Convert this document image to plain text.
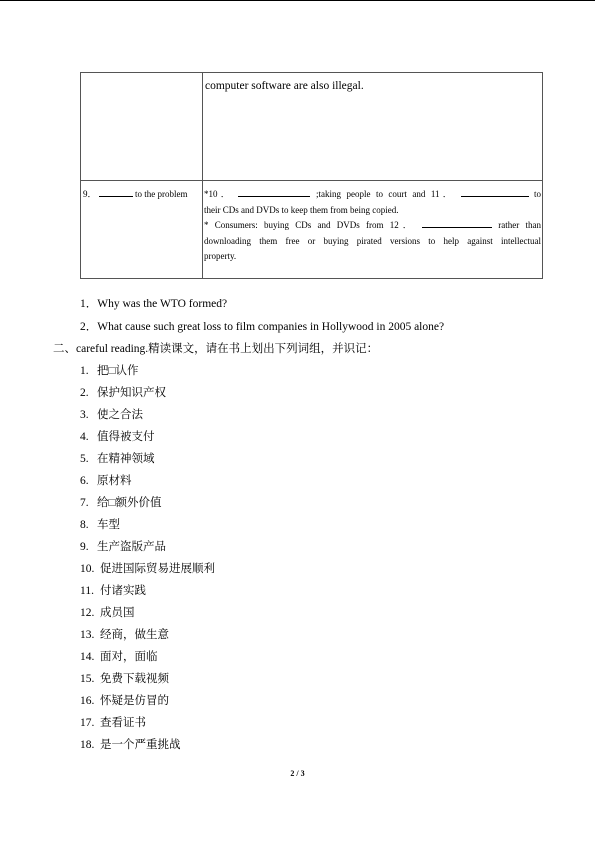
	computer software are also illegal.
9． to the problem	*10． ;taking people to court and 11． to

their CDs and DVDs to keep them from being copied.

* Consumers: buying CDs and DVDs from 12． rather than

downloading them free or buying pirated versions to help against intellectual

property.

1．Why was the WTO formed?
2．What cause such great loss to film companies in Hollywood in 2005 alone?
二、careful reading.精读课文，请在书上划出下列词组，并识记：
1. 把□认作
2. 保护知识产权
3. 使之合法
4. 值得被支付
5. 在精神领域
6. 原材料
7. 给□额外价值
8. 车型
9. 生产盗版产品
10. 促进国际贸易进展顺利
11. 付诸实践
12. 成员国
13. 经商，做生意
14. 面对，面临
15. 免费下载视频
16. 怀疑是仿冒的
17. 查看证书
18. 是一个严重挑战
2 / 3
